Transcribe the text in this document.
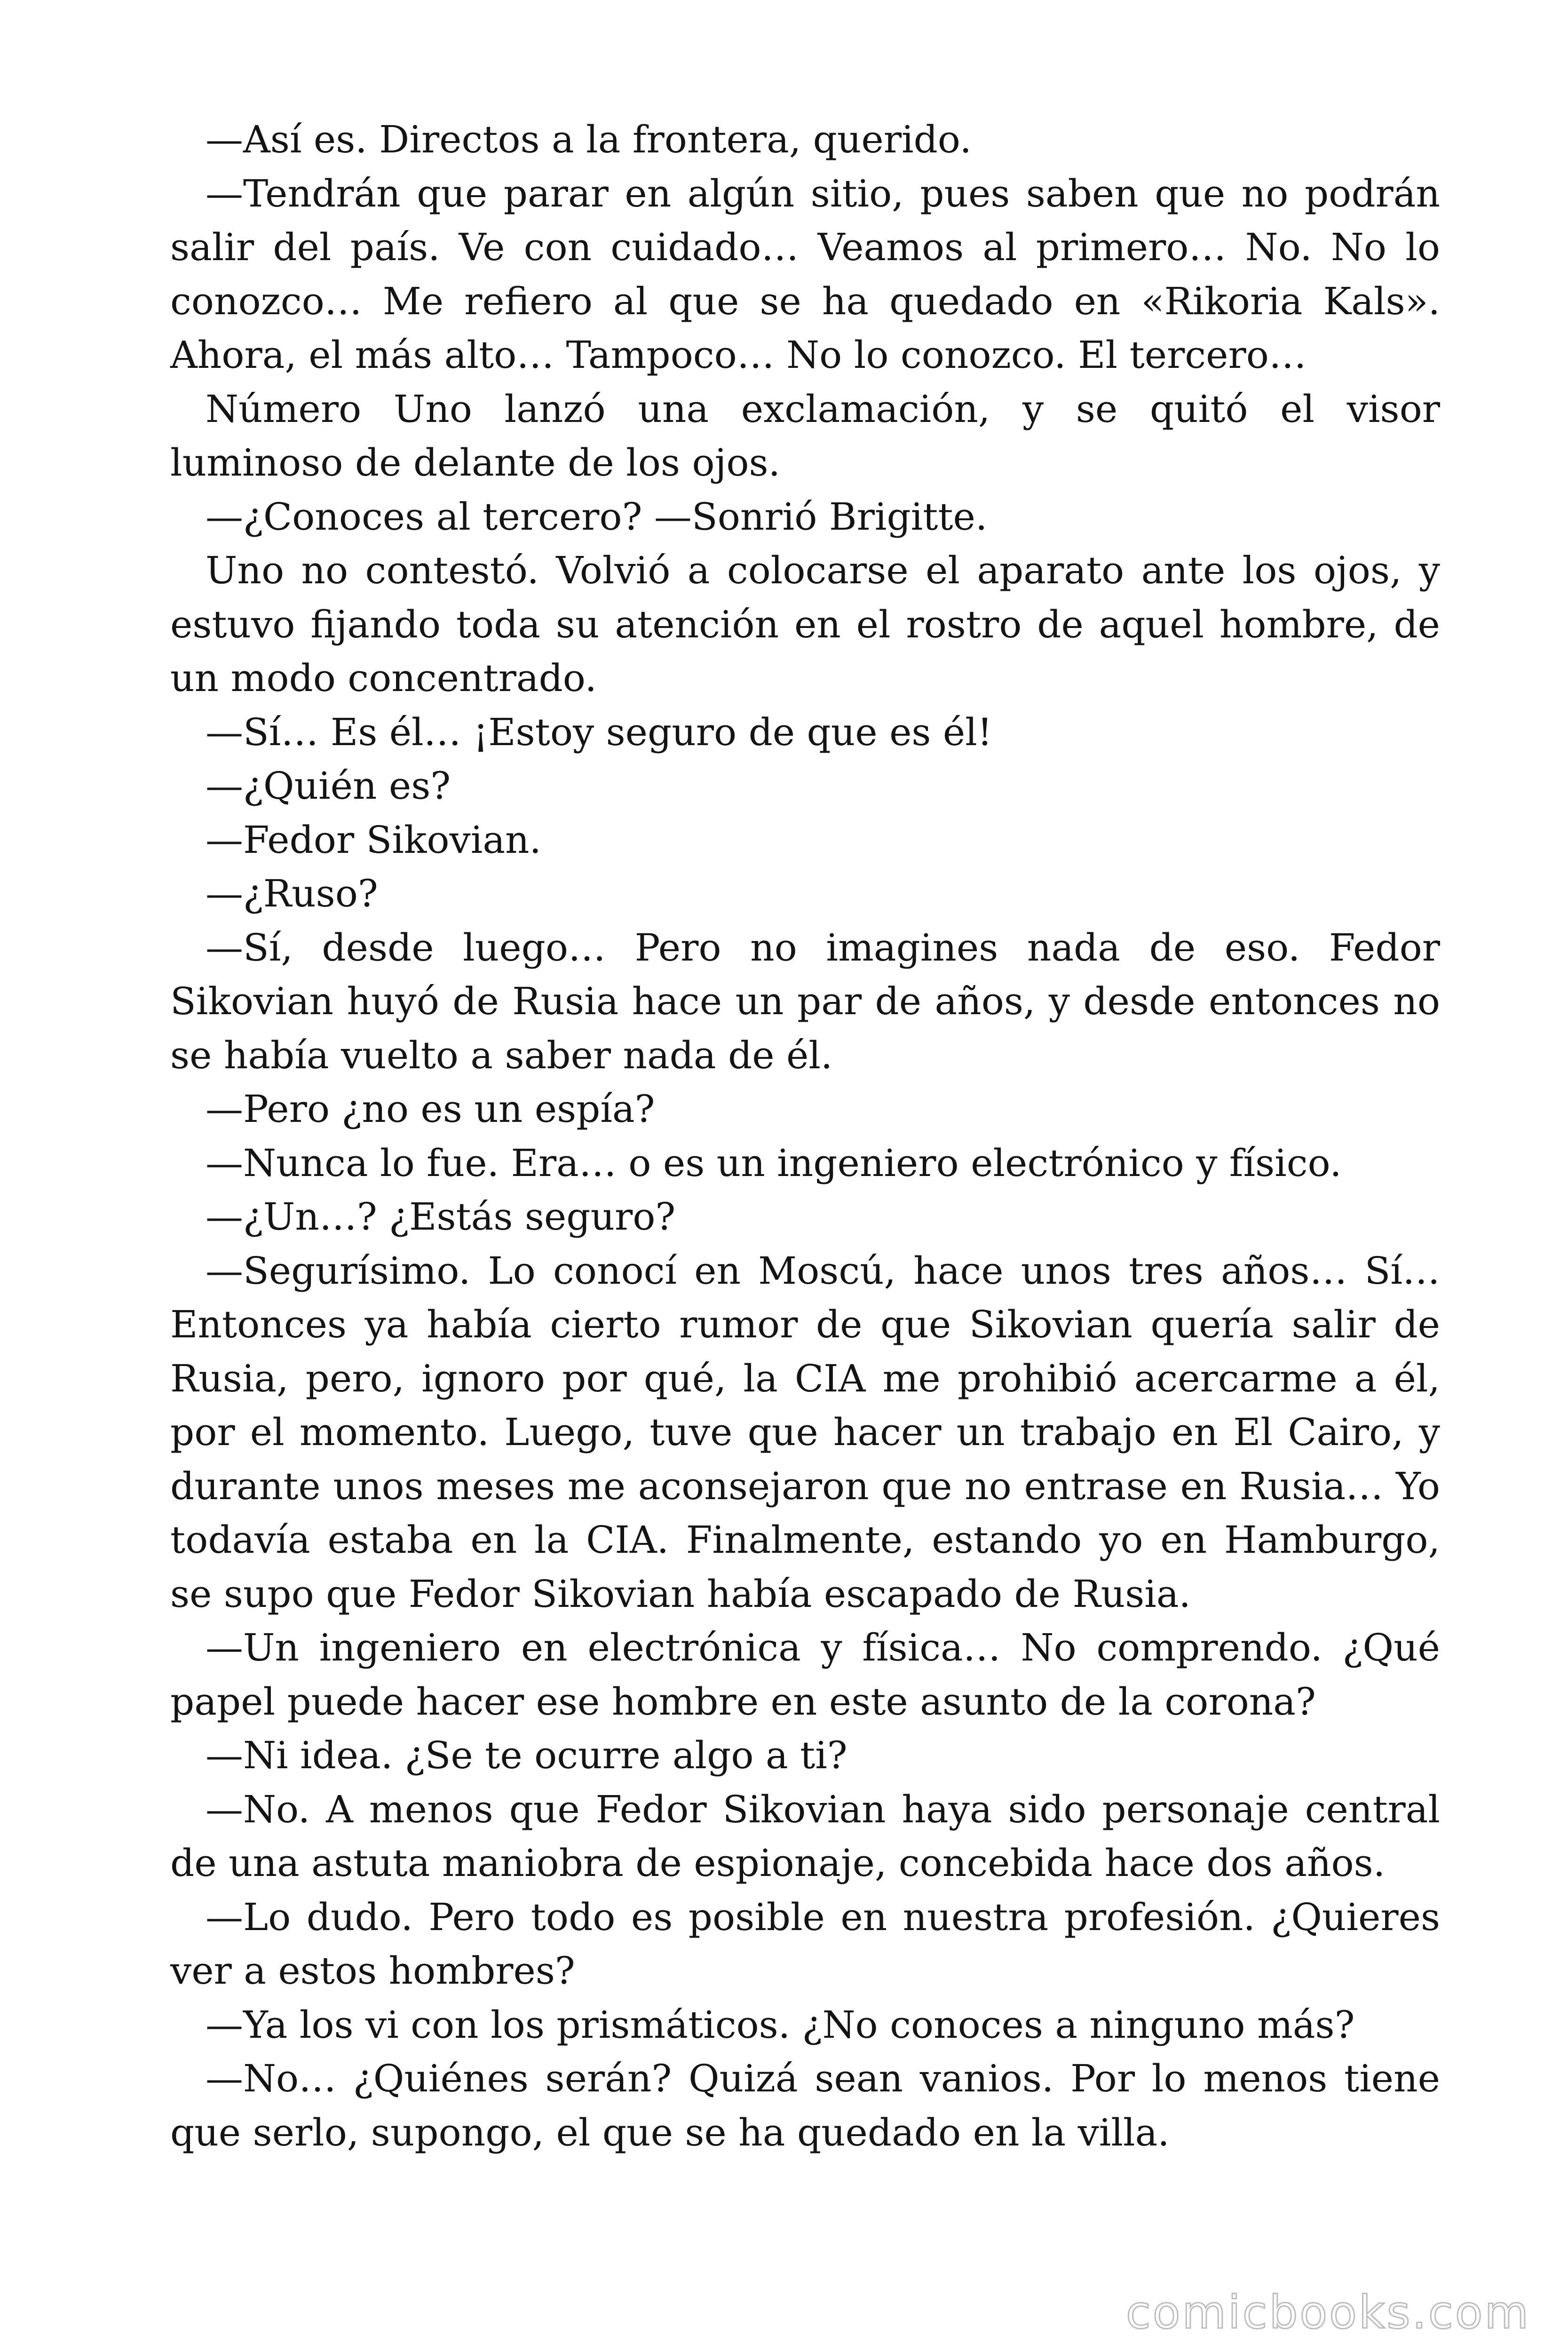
—Así es. Directos a la frontera, querido.

—Tendrán que parar en algún sitio, pues saben que no podrán salir del país. Ve con cuidado… Veamos al primero… No. No lo conozco… Me refiero al que se ha quedado en «Rikoria Kals». Ahora, el más alto… Tampoco… No lo conozco. El tercero…

Número Uno lanzó una exclamación, y se quitó el visor luminoso de delante de los ojos.

—¿Conoces al tercero? —Sonrió Brigitte.

Uno no contestó. Volvió a colocarse el aparato ante los ojos, y estuvo fijando toda su atención en el rostro de aquel hombre, de un modo concentrado.

—Sí… Es él… ¡Estoy seguro de que es él!

—¿Quién es?

—Fedor Sikovian.

—¿Ruso?

—Sí, desde luego… Pero no imagines nada de eso. Fedor Sikovian huyó de Rusia hace un par de años, y desde entonces no se había vuelto a saber nada de él.

—Pero ¿no es un espía?

—Nunca lo fue. Era… o es un ingeniero electrónico y físico.

—¿Un…? ¿Estás seguro?

—Segurísimo. Lo conocí en Moscú, hace unos tres años… Sí… Entonces ya había cierto rumor de que Sikovian quería salir de Rusia, pero, ignoro por qué, la CIA me prohibió acercarme a él, por el momento. Luego, tuve que hacer un trabajo en El Cairo, y durante unos meses me aconsejaron que no entrase en Rusia… Yo todavía estaba en la CIA. Finalmente, estando yo en Hamburgo, se supo que Fedor Sikovian había escapado de Rusia.

—Un ingeniero en electrónica y física… No comprendo. ¿Qué papel puede hacer ese hombre en este asunto de la corona?

—Ni idea. ¿Se te ocurre algo a ti?

—No. A menos que Fedor Sikovian haya sido personaje central de una astuta maniobra de espionaje, concebida hace dos años.

—Lo dudo. Pero todo es posible en nuestra profesión. ¿Quieres ver a estos hombres?

—Ya los vi con los prismáticos. ¿No conoces a ninguno más?

—No… ¿Quiénes serán? Quizá sean vanios. Por lo menos tiene que serlo, supongo, el que se ha quedado en la villa.

comicbooks.com
